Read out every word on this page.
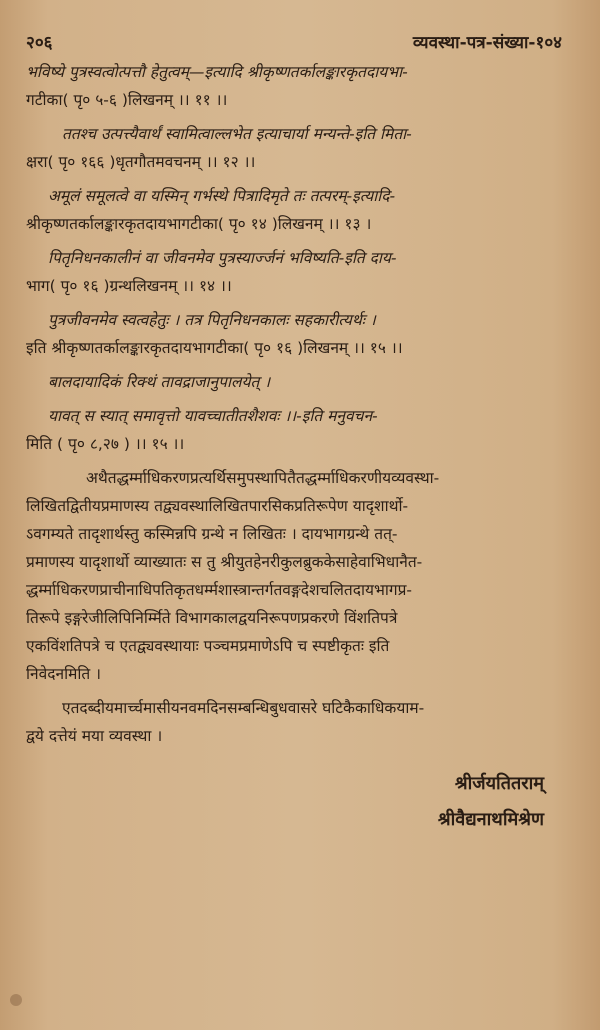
२०६	व्यवस्था-पत्र-संख्या-१०४
भविष्ये पुत्रस्वत्वोत्पत्तौ हेतुत्वम्—इत्यादि श्रीकृष्णतर्कालङ्कारकृतदायभा-
गटीका( पृ० ५-६ )लिखनम् ।। ११ ।।
ततश्च उत्पत्त्यैवार्थं स्वामित्वाल्लभेत इत्याचार्या मन्यन्ते-इति मिता-
क्षरा( पृ० १६६ )धृतगौतमवचनम् ।। १२ ।।
अमूलं समूलत्वे वा यस्मिन् गर्भस्थे पित्रादिमृते तः तत्परम्-इत्यादि-
श्रीकृष्णतर्कालङ्कारकृतदायभागटीका( पृ० १४ )लिखनम् ।। १३ ।
पितृनिधनकालीनं वा जीवनमेव पुत्रस्यार्ज्जनं भविष्यति-इति दाय-
भाग( पृ० १६ )ग्रन्थलिखनम् ।। १४ ।।
पुत्रजीवनमेव स्वत्वहेतुः । तत्र पितृनिधनकालः सहकारीत्यर्थः ।
इति श्रीकृष्णतर्कालङ्कारकृतदायभागटीका( पृ० १६ )लिखनम् ।। १५ ।।
बालदायादिकं रिक्थं तावद्राजानुपालयेत् ।
यावत् स स्यात् समावृत्तो यावच्चातीतशैशवः ।।-इति मनुवचन-
मिति ( पृ० ८,२७ ) ।। १५ ।।
अथैतद्धर्म्माधिकरणप्रत्यर्थिसमुपस्थापितैतद्धर्म्माधिकरणीयव्यवस्था-
लिखितद्वितीयप्रमाणस्य तद्व्यवस्थालिखितपारसिकप्रतिरूपेण यादृशार्थो-
ऽवगम्यते तादृशार्थस्तु कस्मिन्नपि ग्रन्थे न लिखितः । दायभागग्रन्थे तत्-
प्रमाणस्य यादृशार्थो व्याख्यातः स तु श्रीयुतहेनरीकुलब्रुककेसाहेवाभिधानैत-
द्धर्म्माधिकरणप्राचीनाधिपतिकृतधर्म्मशास्त्रान्तर्गतवङ्गदेशचलितदायभागप्र-
तिरूपे इङ्गरेजीलिपिनिर्म्मिते विभागकालद्वयनिरूपणप्रकरणे विंशतिपत्रे
एकविंशतिपत्रे च एतद्व्यवस्थायाः पञ्चमप्रमाणेऽपि च स्पष्टीकृतः इति
निवेदनमिति ।
एतदब्दीयमार्च्चमासीयनवमदिनसम्बन्धिबुधवासरे घटिकैकाधिकयाम-
द्वये दत्तेयं मया व्यवस्था ।
श्रीर्जयतितराम्
श्रीवैद्यनाथमिश्रेण
